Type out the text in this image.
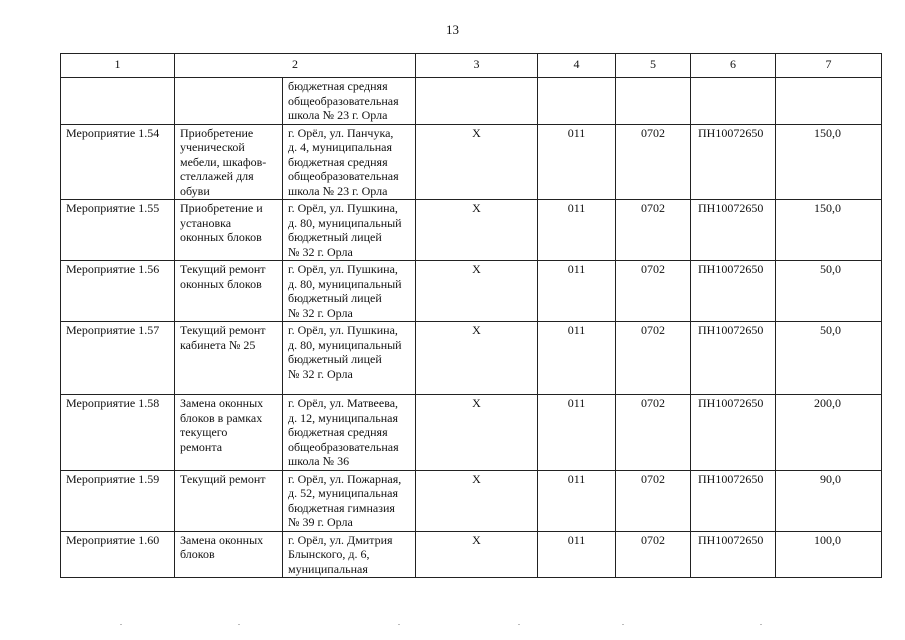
13
1	2		3	4	5	6	7
		бюджетная средняя
общеобразовательная
школа № 23 г. Орла					
Мероприятие 1.54	Приобретение
ученической
мебели, шкафов-
стеллажей для
обуви	г. Орёл, ул. Панчука,
д. 4, муниципальная
бюджетная средняя
общеобразовательная
школа № 23 г. Орла	Х	011	0702	ПН10072650	150,0
Мероприятие 1.55	Приобретение и
установка
оконных блоков	г. Орёл, ул. Пушкина,
д. 80, муниципальный
бюджетный лицей
№ 32 г. Орла	Х	011	0702	ПН10072650	150,0
Мероприятие 1.56	Текущий ремонт
оконных блоков	г. Орёл, ул. Пушкина,
д. 80, муниципальный
бюджетный лицей
№ 32 г. Орла	Х	011	0702	ПН10072650	50,0
Мероприятие 1.57	Текущий ремонт
кабинета № 25	г. Орёл, ул. Пушкина,
д. 80, муниципальный
бюджетный лицей
№ 32 г. Орла	Х	011	0702	ПН10072650	50,0
Мероприятие 1.58	Замена оконных
блоков в рамках
текущего
ремонта	г. Орёл, ул. Матвеева,
д. 12, муниципальная
бюджетная средняя
общеобразовательная
школа № 36	Х	011	0702	ПН10072650	200,0
Мероприятие 1.59	Текущий ремонт	г. Орёл, ул. Пожарная,
д. 52, муниципальная
бюджетная гимназия
№ 39 г. Орла	Х	011	0702	ПН10072650	90,0
Мероприятие 1.60	Замена оконных
блоков	г. Орёл, ул. Дмитрия
Блынского, д. 6,
муниципальная	Х	011	0702	ПН10072650	100,0
